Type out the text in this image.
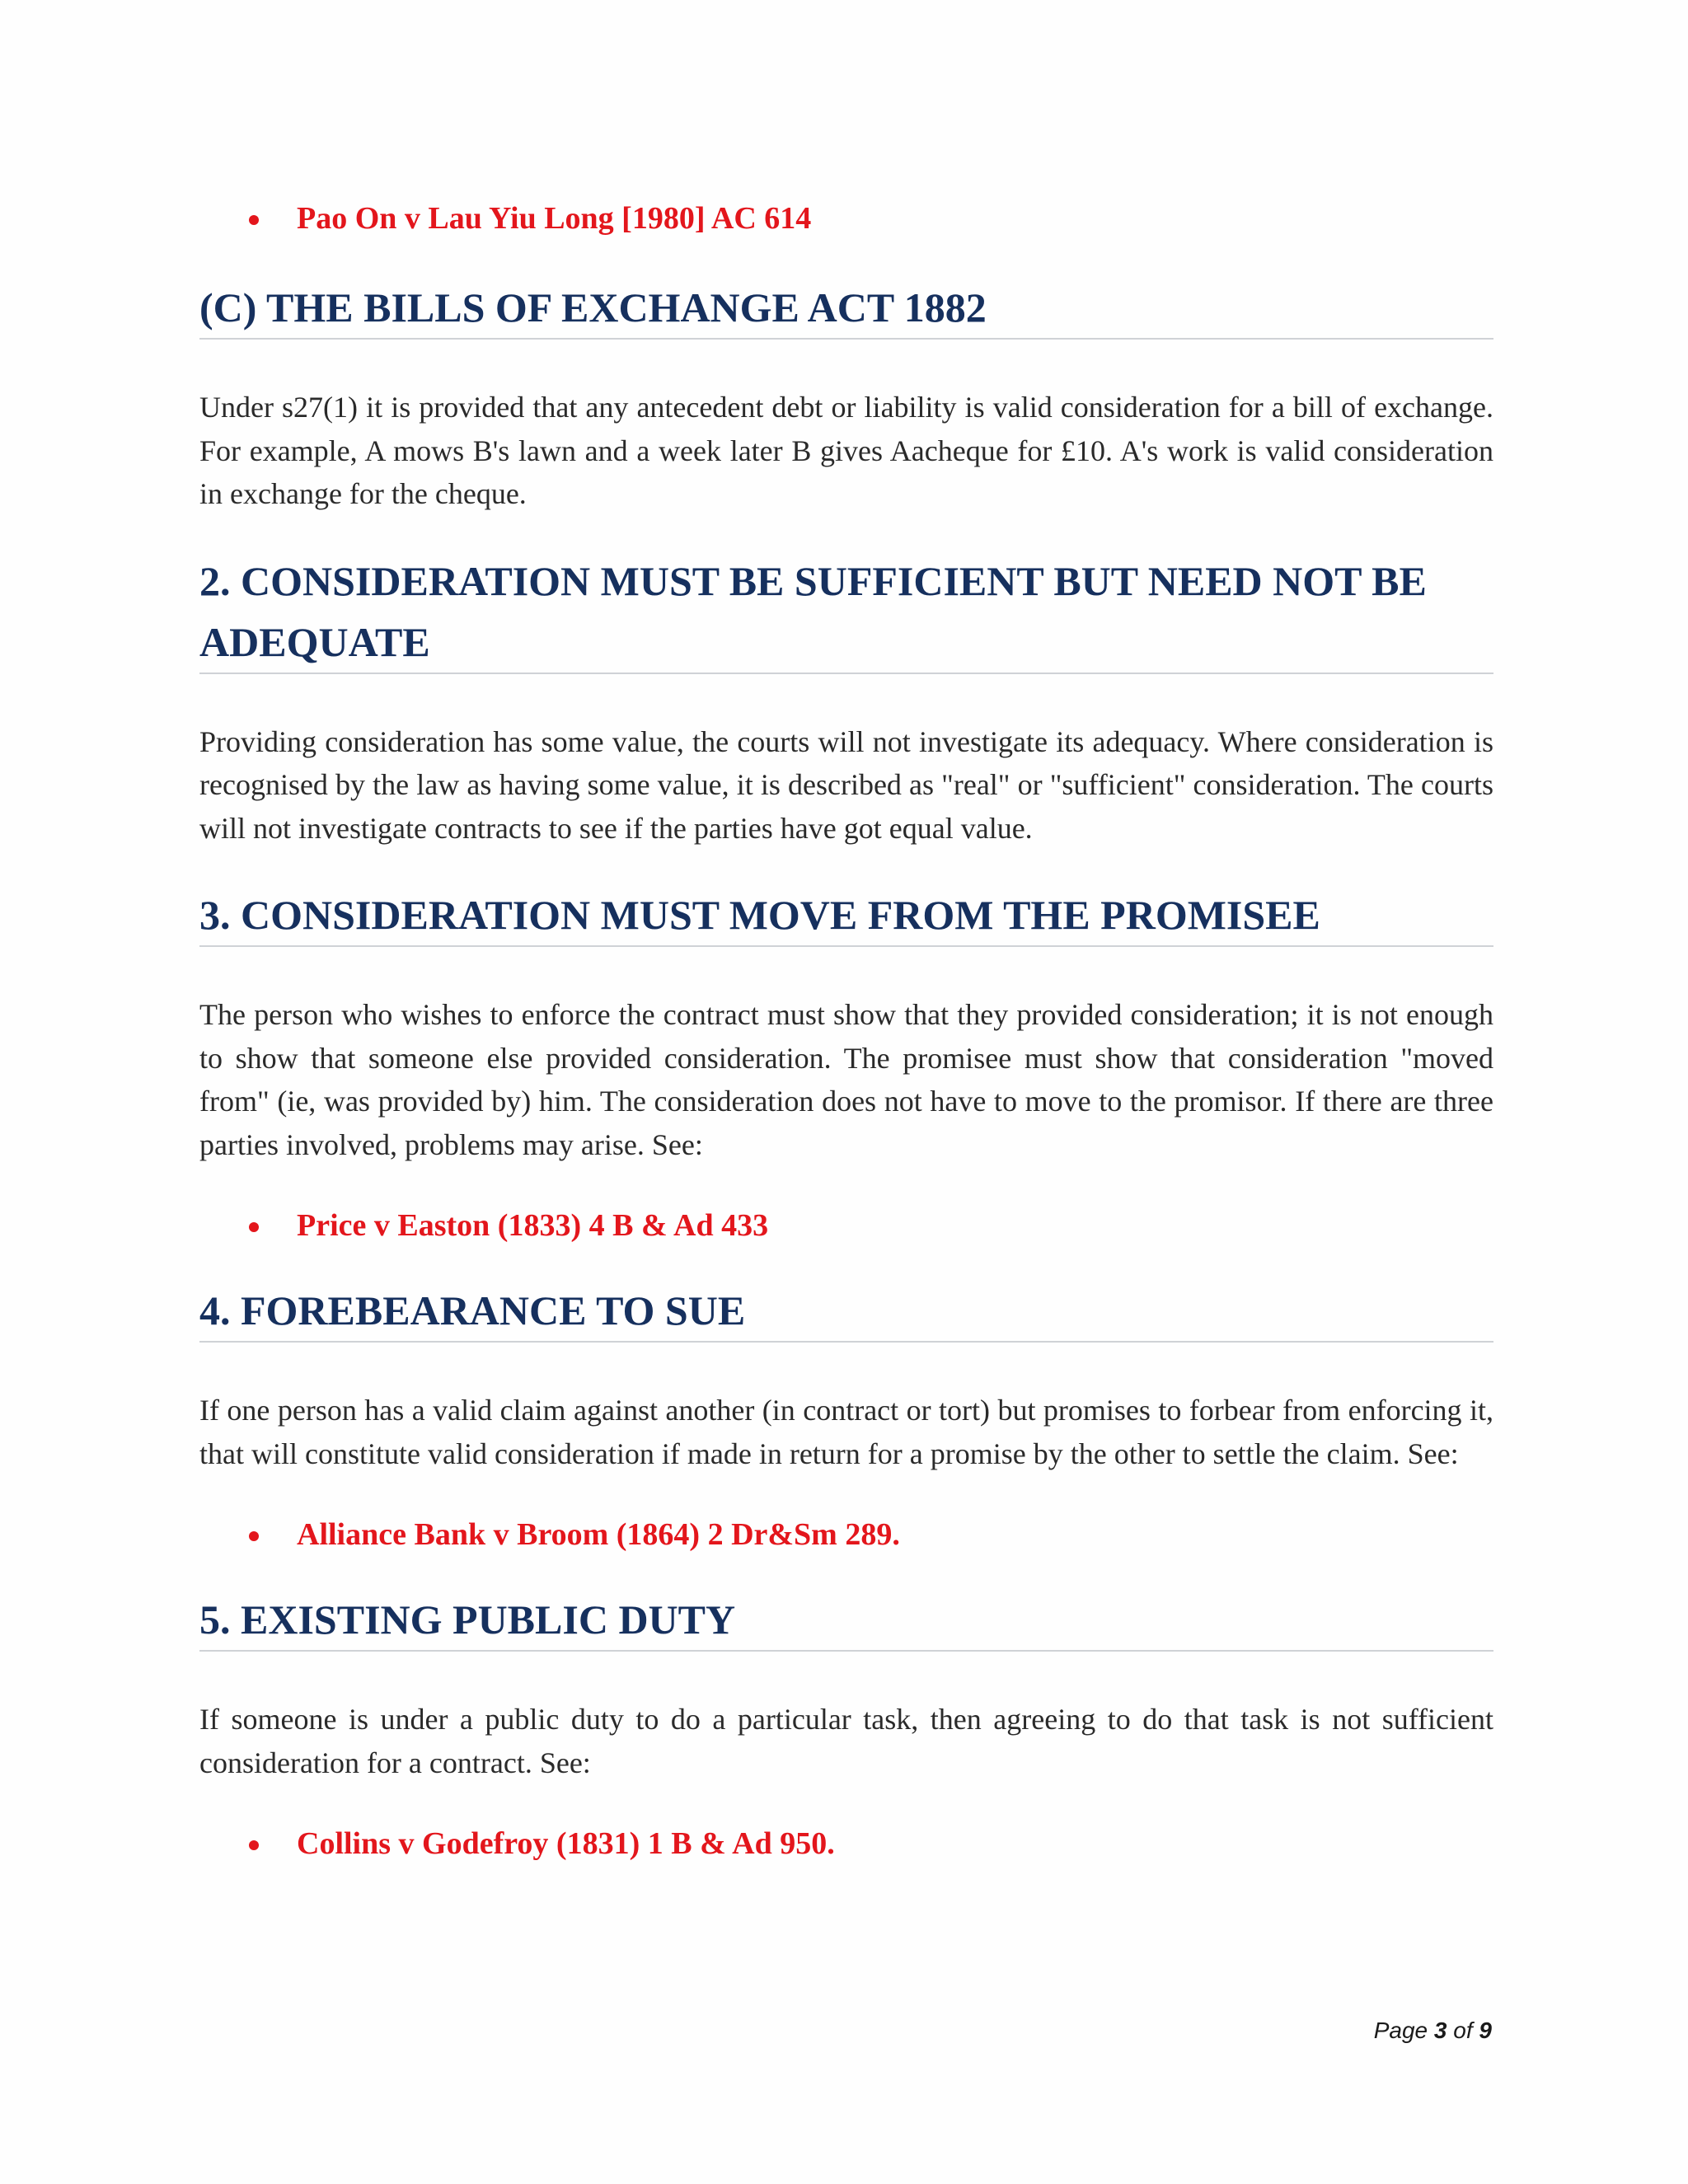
Pao On v Lau Yiu Long [1980] AC 614
(C) THE BILLS OF EXCHANGE ACT 1882

Under s27(1) it is provided that any antecedent debt or liability is valid consideration for a bill of exchange. For example, A mows B's lawn and a week later B gives Aacheque for £10. A's work is valid consideration in exchange for the cheque.

2. CONSIDERATION MUST BE SUFFICIENT BUT NEED NOT BE ADEQUATE

Providing consideration has some value, the courts will not investigate its adequacy. Where consideration is recognised by the law as having some value, it is described as "real" or "sufficient" consideration. The courts will not investigate contracts to see if the parties have got equal value.

3. CONSIDERATION MUST MOVE FROM THE PROMISEE

The person who wishes to enforce the contract must show that they provided consideration; it is not enough to show that someone else provided consideration. The promisee must show that consideration "moved from" (ie, was provided by) him. The consideration does not have to move to the promisor. If there are three parties involved, problems may arise. See:

Price v Easton (1833) 4 B & Ad 433
4. FOREBEARANCE TO SUE

If one person has a valid claim against another (in contract or tort) but promises to forbear from enforcing it, that will constitute valid consideration if made in return for a promise by the other to settle the claim. See:

Alliance Bank v Broom (1864) 2 Dr&Sm 289.
5. EXISTING PUBLIC DUTY

If someone is under a public duty to do a particular task, then agreeing to do that task is not sufficient consideration for a contract. See:

Collins v Godefroy (1831) 1 B & Ad 950.
Page 3 of 9
